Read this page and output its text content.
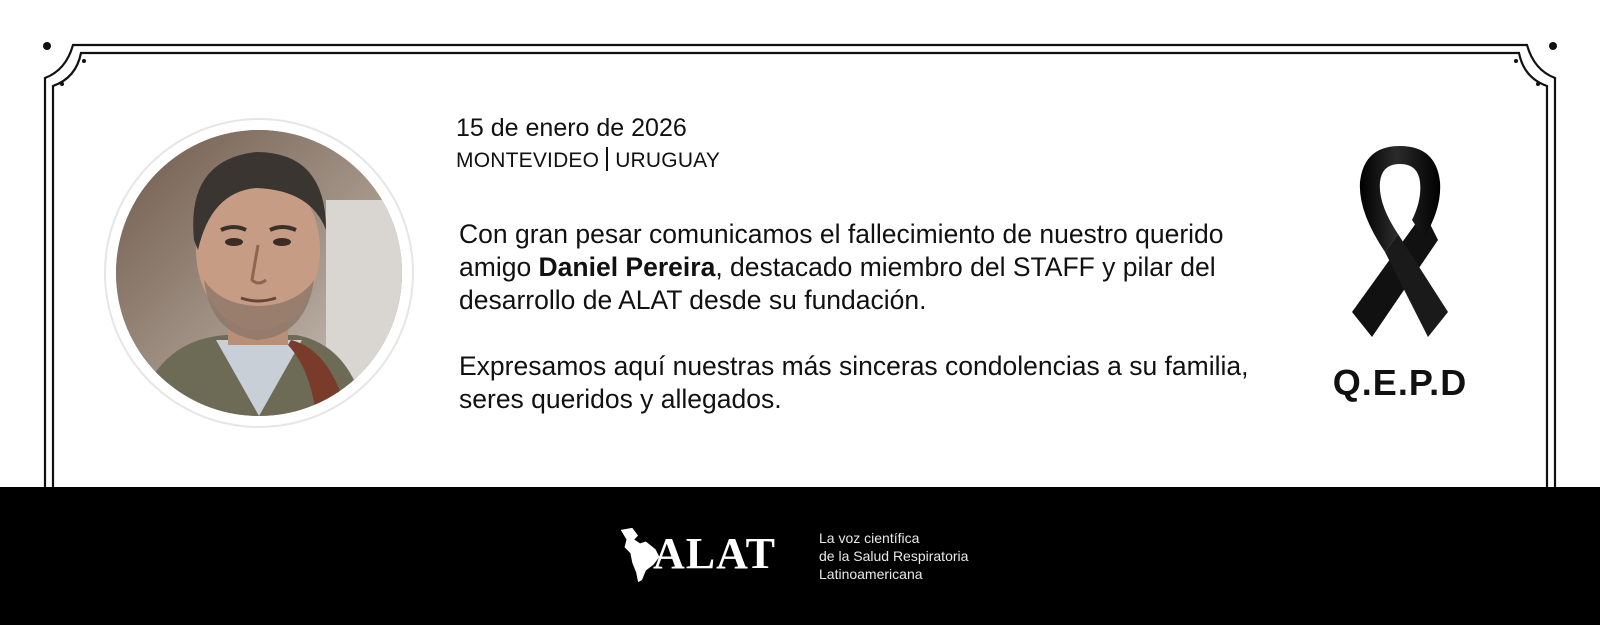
15 de enero de 2026
MONTEVIDEO URUGUAY
Con gran pesar comunicamos el fallecimiento de nuestro querido amigo Daniel Pereira, destacado miembro del STAFF y pilar del desarrollo de ALAT desde su fundación.
Expresamos aquí nuestras más sinceras condolencias a su familia, seres queridos y allegados.	Q.E.P.D
ALAT	La voz científica
de la Salud Respiratoria
Latinoamericana
